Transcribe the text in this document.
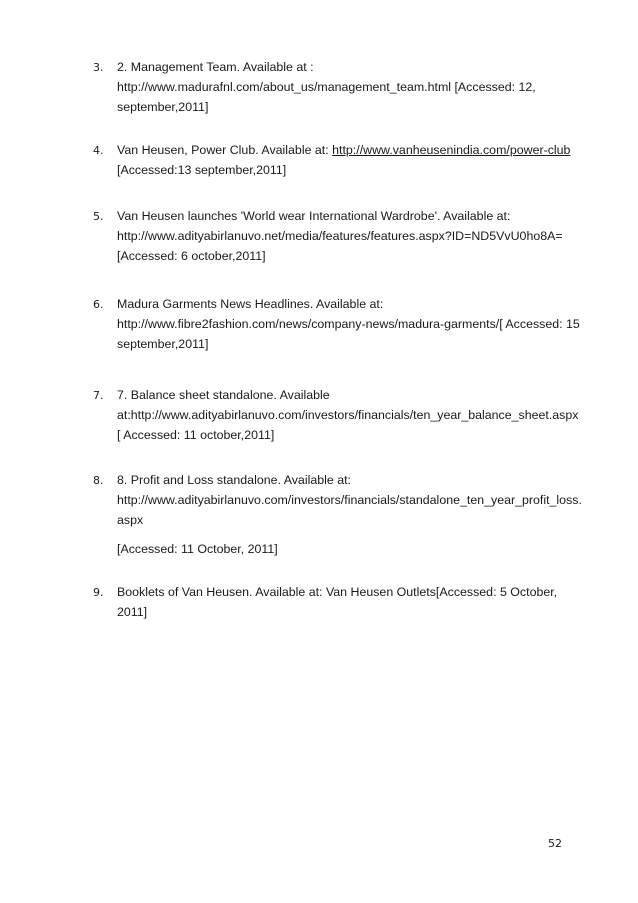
3. 2. Management Team. Available at :
http://www.madurafnl.com/about_us/management_team.html [Accessed: 12,
september,2011]
4. Van Heusen, Power Club. Available at: http://www.vanheusenindia.com/power-club
[Accessed:13 september,2011]
5. Van Heusen launches 'World wear International Wardrobe'. Available at:
http://www.adityabirlanuvo.net/media/features/features.aspx?ID=ND5VvU0ho8A=
[Accessed: 6 october,2011]
6. Madura Garments News Headlines. Available at:
http://www.fibre2fashion.com/news/company-news/madura-garments/[ Accessed: 15
september,2011]
7. 7. Balance sheet standalone. Available
at:http://www.adityabirlanuvo.com/investors/financials/ten_year_balance_sheet.aspx
[ Accessed: 11 october,2011]
8. 8. Profit and Loss standalone. Available at:
http://www.adityabirlanuvo.com/investors/financials/standalone_ten_year_profit_loss.
aspx
[Accessed: 11 October, 2011]
9. Booklets of Van Heusen. Available at: Van Heusen Outlets[Accessed: 5 October,
2011]
52
